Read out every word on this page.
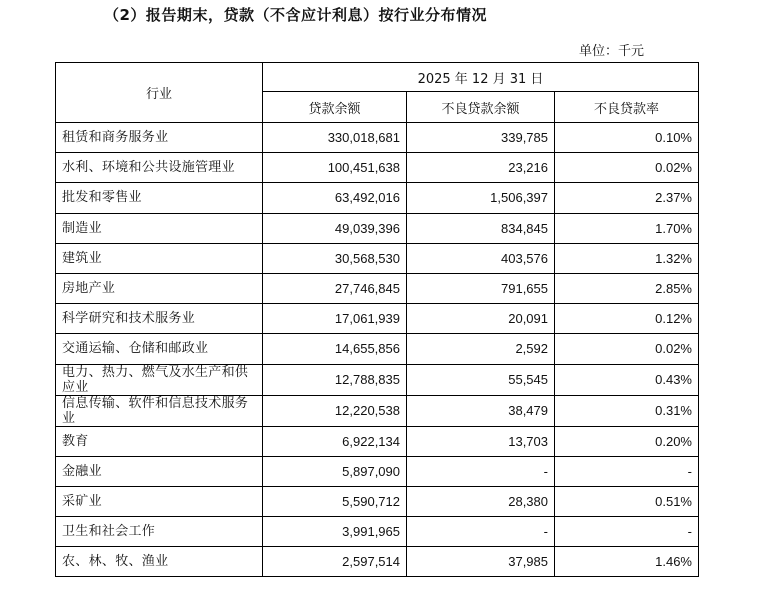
（2）报告期末，贷款（不含应计利息）按行业分布情况
单位：千元
行业	2025 年 12 月 31 日		
	贷款余额	不良贷款余额	不良贷款率
租赁和商务服务业	330,018,681	339,785	0.10%
水利、环境和公共设施管理业	100,451,638	23,216	0.02%
批发和零售业	63,492,016	1,506,397	2.37%
制造业	49,039,396	834,845	1.70%
建筑业	30,568,530	403,576	1.32%
房地产业	27,746,845	791,655	2.85%
科学研究和技术服务业	17,061,939	20,091	0.12%
交通运输、仓储和邮政业	14,655,856	2,592	0.02%
电力、热力、燃气及水生产和供应业	12,788,835	55,545	0.43%
信息传输、软件和信息技术服务业	12,220,538	38,479	0.31%
教育	6,922,134	13,703	0.20%
金融业	5,897,090	-	-
采矿业	5,590,712	28,380	0.51%
卫生和社会工作	3,991,965	-	-
农、林、牧、渔业	2,597,514	37,985	1.46%
